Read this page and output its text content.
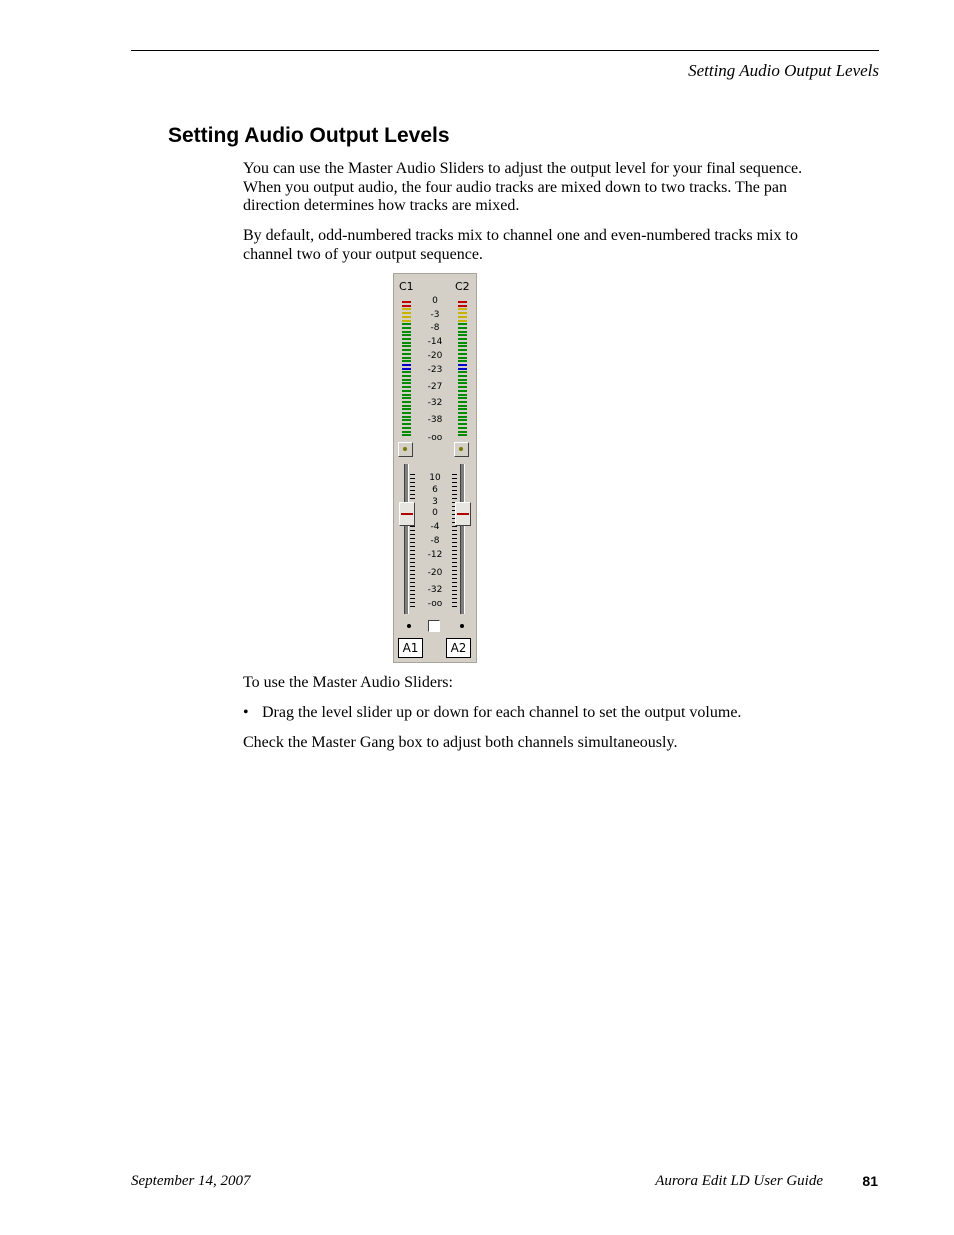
Setting Audio Output Levels
Setting Audio Output Levels

You can use the Master Audio Sliders to adjust the output level for your final sequence. When you output audio, the four audio tracks are mixed down to two tracks. The pan direction determines how tracks are mixed.

By default, odd-numbered tracks mix to channel one and even-numbered tracks mix to channel two of your output sequence.

C1	C2
0
-3
-8
-14
-20
-23
-27
-32
-38
-oo
10
6
3
0
-4
-8
-12
-20
-32
-oo
A1	A2

To use the Master Audio Sliders:

• Drag the level slider up or down for each channel to set the output volume.

Check the Master Gang box to adjust both channels simultaneously.

September 14, 2007	Aurora Edit LD User Guide	81
